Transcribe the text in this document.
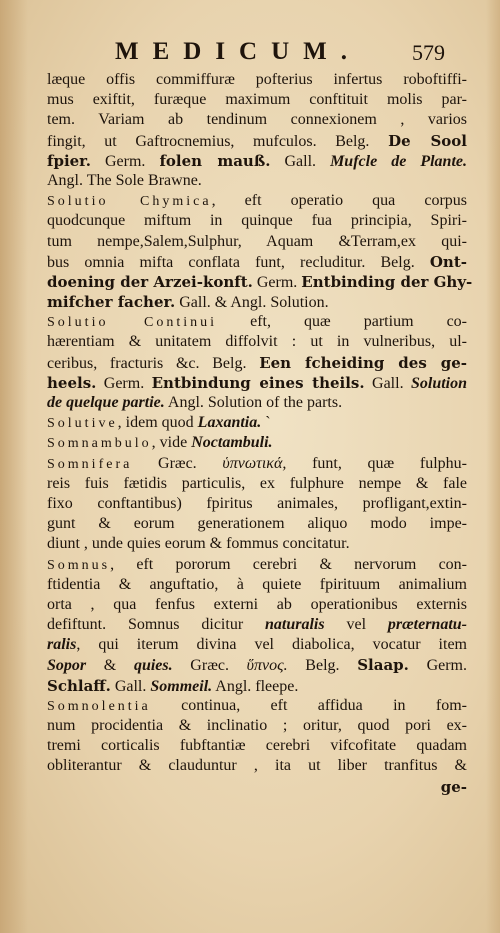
MEDICUM. 579
læque offis commiffuræ pofterius infertus roboftiffi-
mus exiftit, furæque maximum conftituit molis par-
tem. Variam ab tendinum connexionem , varios
fingit, ut Gaftrocnemius, mufculos. Belg. De Sool
fpier. Germ. folen mauß. Gall. Mufcle de Plante.
Angl. The Sole Brawne.
Solutio Chymica, eft operatio qua corpus
quodcunque miftum in quinque fua principia, Spiri-
tum nempe,Salem,Sulphur, Aquam &Terram,ex qui-
bus omnia mifta conflata funt, recluditur. Belg. Ont-
doening der Arzei-konft. Germ. Entbinding der Ghy-
mifcher facher. Gall. & Angl. Solution.
Solutio Continui eft, quæ partium co-
hærentiam & unitatem diffolvit : ut in vulneribus, ul-
ceribus, fracturis &c. Belg. Een fcheiding des ge-
heels. Germ. Entbindung eines theils. Gall. Solution
de quelque partie. Angl. Solution of the parts.
Solutive, idem quod Laxantia. `
Somnambulo, vide Noctambuli.
Somnifera Græc. ὑπνωτικά, funt, quæ fulphu-
reis fuis fætidis particulis, ex fulphure nempe & fale
fixo conftantibus) fpiritus animales, profligant,extin-
gunt & eorum generationem aliquo modo impe-
diunt , unde quies eorum & fommus concitatur.
Somnus, eft pororum cerebri & nervorum con-
ftidentia & anguftatio, à quiete fpirituum animalium
orta , qua fenfus externi ab operationibus externis
defiftunt. Somnus dicitur naturalis vel præternatu-
ralis, qui iterum divina vel diabolica, vocatur item
Sopor & quies. Græc. ὕπνος. Belg. Slaap. Germ.
Schlaff. Gall. Sommeil. Angl. fleepe.
Somnolentia continua, eft affidua in fom-
num procidentia & inclinatio ; oritur, quod pori ex-
tremi corticalis fubftantiæ cerebri vifcofitate quadam
obliterantur & clauduntur , ita ut liber tranfitus &
ge-
